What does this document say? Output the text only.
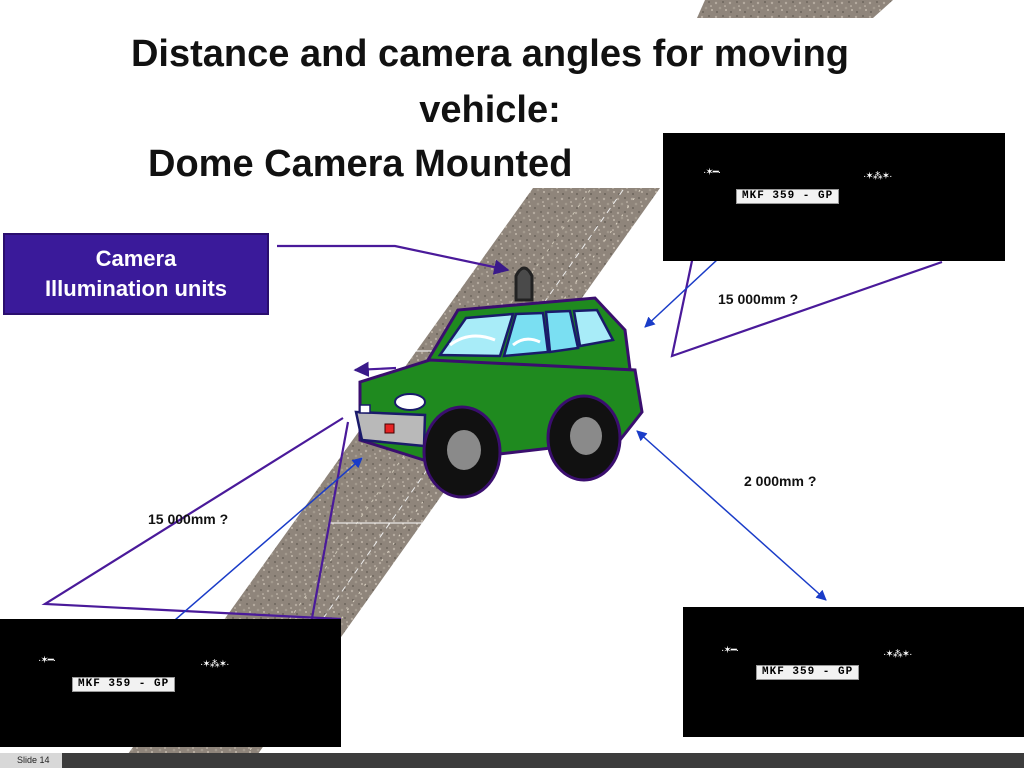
Distance and camera angles for moving
vehicle:
Dome Camera Mounted
Camera
Illumination units	15 000mm ?
2 000mm ?
15 000mm ?
·✶━·	·✶⁂✶·
MKF 359 - GP
·✶━·	·✶⁂✶·
MKF 359 - GP
·✶━·	·✶⁂✶·
MKF 359 - GP
Slide 14
